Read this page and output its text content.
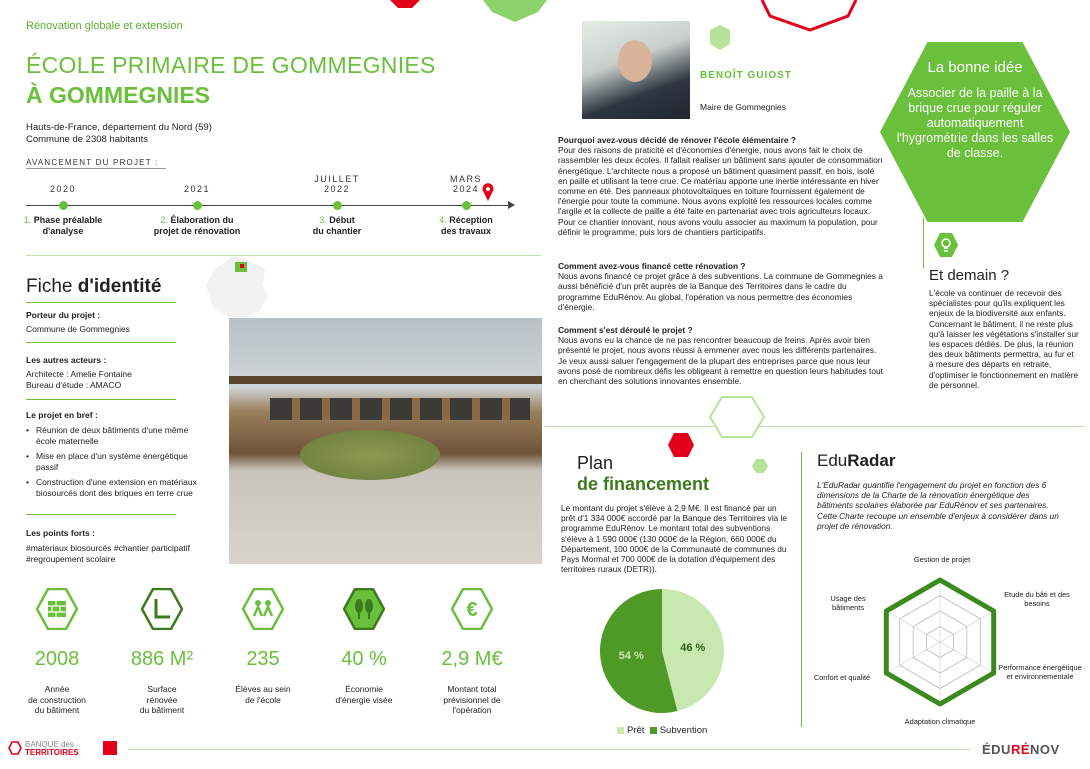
Rénovation globale et extension
ÉCOLE PRIMAIRE DE GOMMEGNIES
À GOMMEGNIES
Hauts-de-France, département du Nord (59)
Commune de 2308 habitants
AVANCEMENT DU PROJET :
2020	2021
JUILLET
2022
MARS
2024
1. Phase préalable
d'analyse
2. Élaboration du
projet de rénovation
3. Début
du chantier
4. Réception
des travaux
Fiche d'identité
Porteur du projet :
Commune de Gommegnies
Les autres acteurs :
Architecte : Amelie Fontaine
Bureau d'étude : AMACO
Le projet en bref :
• Réunion de deux bâtiments d'une même école maternelle
• Mise en place d'un système énergétique passif
• Construction d'une extension en matériaux biosourcés dont des briques en terre crue
Les points forts :
#materiaux biosourcés #chantier participatif
#regroupement scolaire
€
2008	886 M²	235	40 %	2,9 M€
Année
de construction
du bâtiment
Surface
rénovée
du bâtiment
Élèves au sein
de l'école
Économie
d'énergie visée
Montant total
prévisionnel de
l'opération
BENOÎT GUIOST
Maire de Gommegnies
Pourquoi avez-vous décidé de rénover l'école élémentaire ?
Pour des raisons de praticité et d'économies d'énergie, nous avons fait le choix de rassembler les deux écoles. Il fallait réaliser un bâtiment sans ajouter de consommation énergétique. L'architecte nous a proposé un bâtiment quasiment passif, en bois, isolé en paille et utilisant la terre crue. Ce matériau apporte une inertie intéressante en hiver comme en été. Des panneaux photovoltaïques en toiture fournissent également de l'énergie pour toute la commune. Nous avons exploité les ressources locales comme l'argile et la collecte de paille a été faite en partenariat avec trois agriculteurs locaux. Pour ce chantier innovant, nous avons voulu associer au maximum la population, pour définir le programme, puis lors de chantiers participatifs.
Comment avez-vous financé cette rénovation ?
Nous avons financé ce projet grâce à des subventions. La commune de Gommegnies a aussi bénéficié d'un prêt auprès de la Banque des Territoires dans le cadre du programme EduRénov. Au global, l'opération va nous permettre des économies d'énergie.
Comment s'est déroulé le projet ?
Nous avons eu la chance de ne pas rencontrer beaucoup de freins. Après avoir bien présenté le projet, nous avons réussi à emmener avec nous les différents partenaires. Je veux aussi saluer l'engagement de la plupart des entreprises parce que nous leur avons posé de nombreux défis les obligeant à remettre en question leurs habitudes tout en cherchant des solutions innovantes ensemble.
La bonne idée
Associer de la paille à la brique crue pour réguler automatiquement l'hygrométrie dans les salles de classe.
Et demain ?
L'école va continuer de recevoir des spécialistes pour qu'ils expliquent les enjeux de la biodiversité aux enfants. Concernant le bâtiment, il ne reste plus qu'à laisser les végétations s'installer sur les espaces dédiés. De plus, la réunion des deux bâtiments permettra, au fur et à mesure des départs en retraite, d'optimiser le fonctionnement en matière de personnel.
Plan
de financement
Le montant du projet s'élève à 2,9 M€. Il est financé par un prêt d'1 334 000€ accordé par la Banque des Territoires via le programme EduRénov. Le montant total des subventions s'élève à 1 590 000€ (130 000€ de la Région, 660 000€ du Département, 100 000€ de la Communauté de communes du Pays Mormal et 700 000€ de la dotation d'équipement des territoires ruraux (DETR)).
46 %
54 %
Prêt Subvention
EduRadar
L'EduRadar quantifie l'engagement du projet en fonction des 6 dimensions de la Charte de la rénovation énergétique des bâtiments scolaires élaborée par EduRénov et ses partenaires. Cette Charte recoupe un ensemble d'enjeux à considérer dans un projet de rénovation.
Gestion de projet
Etude du bâti et des besoins
Performance énergétique et environnementale
Adaptation climatique
Confort et qualité
Usage des bâtiments
BANQUE des
TERRITOIRES	ÉDURÉNOV
